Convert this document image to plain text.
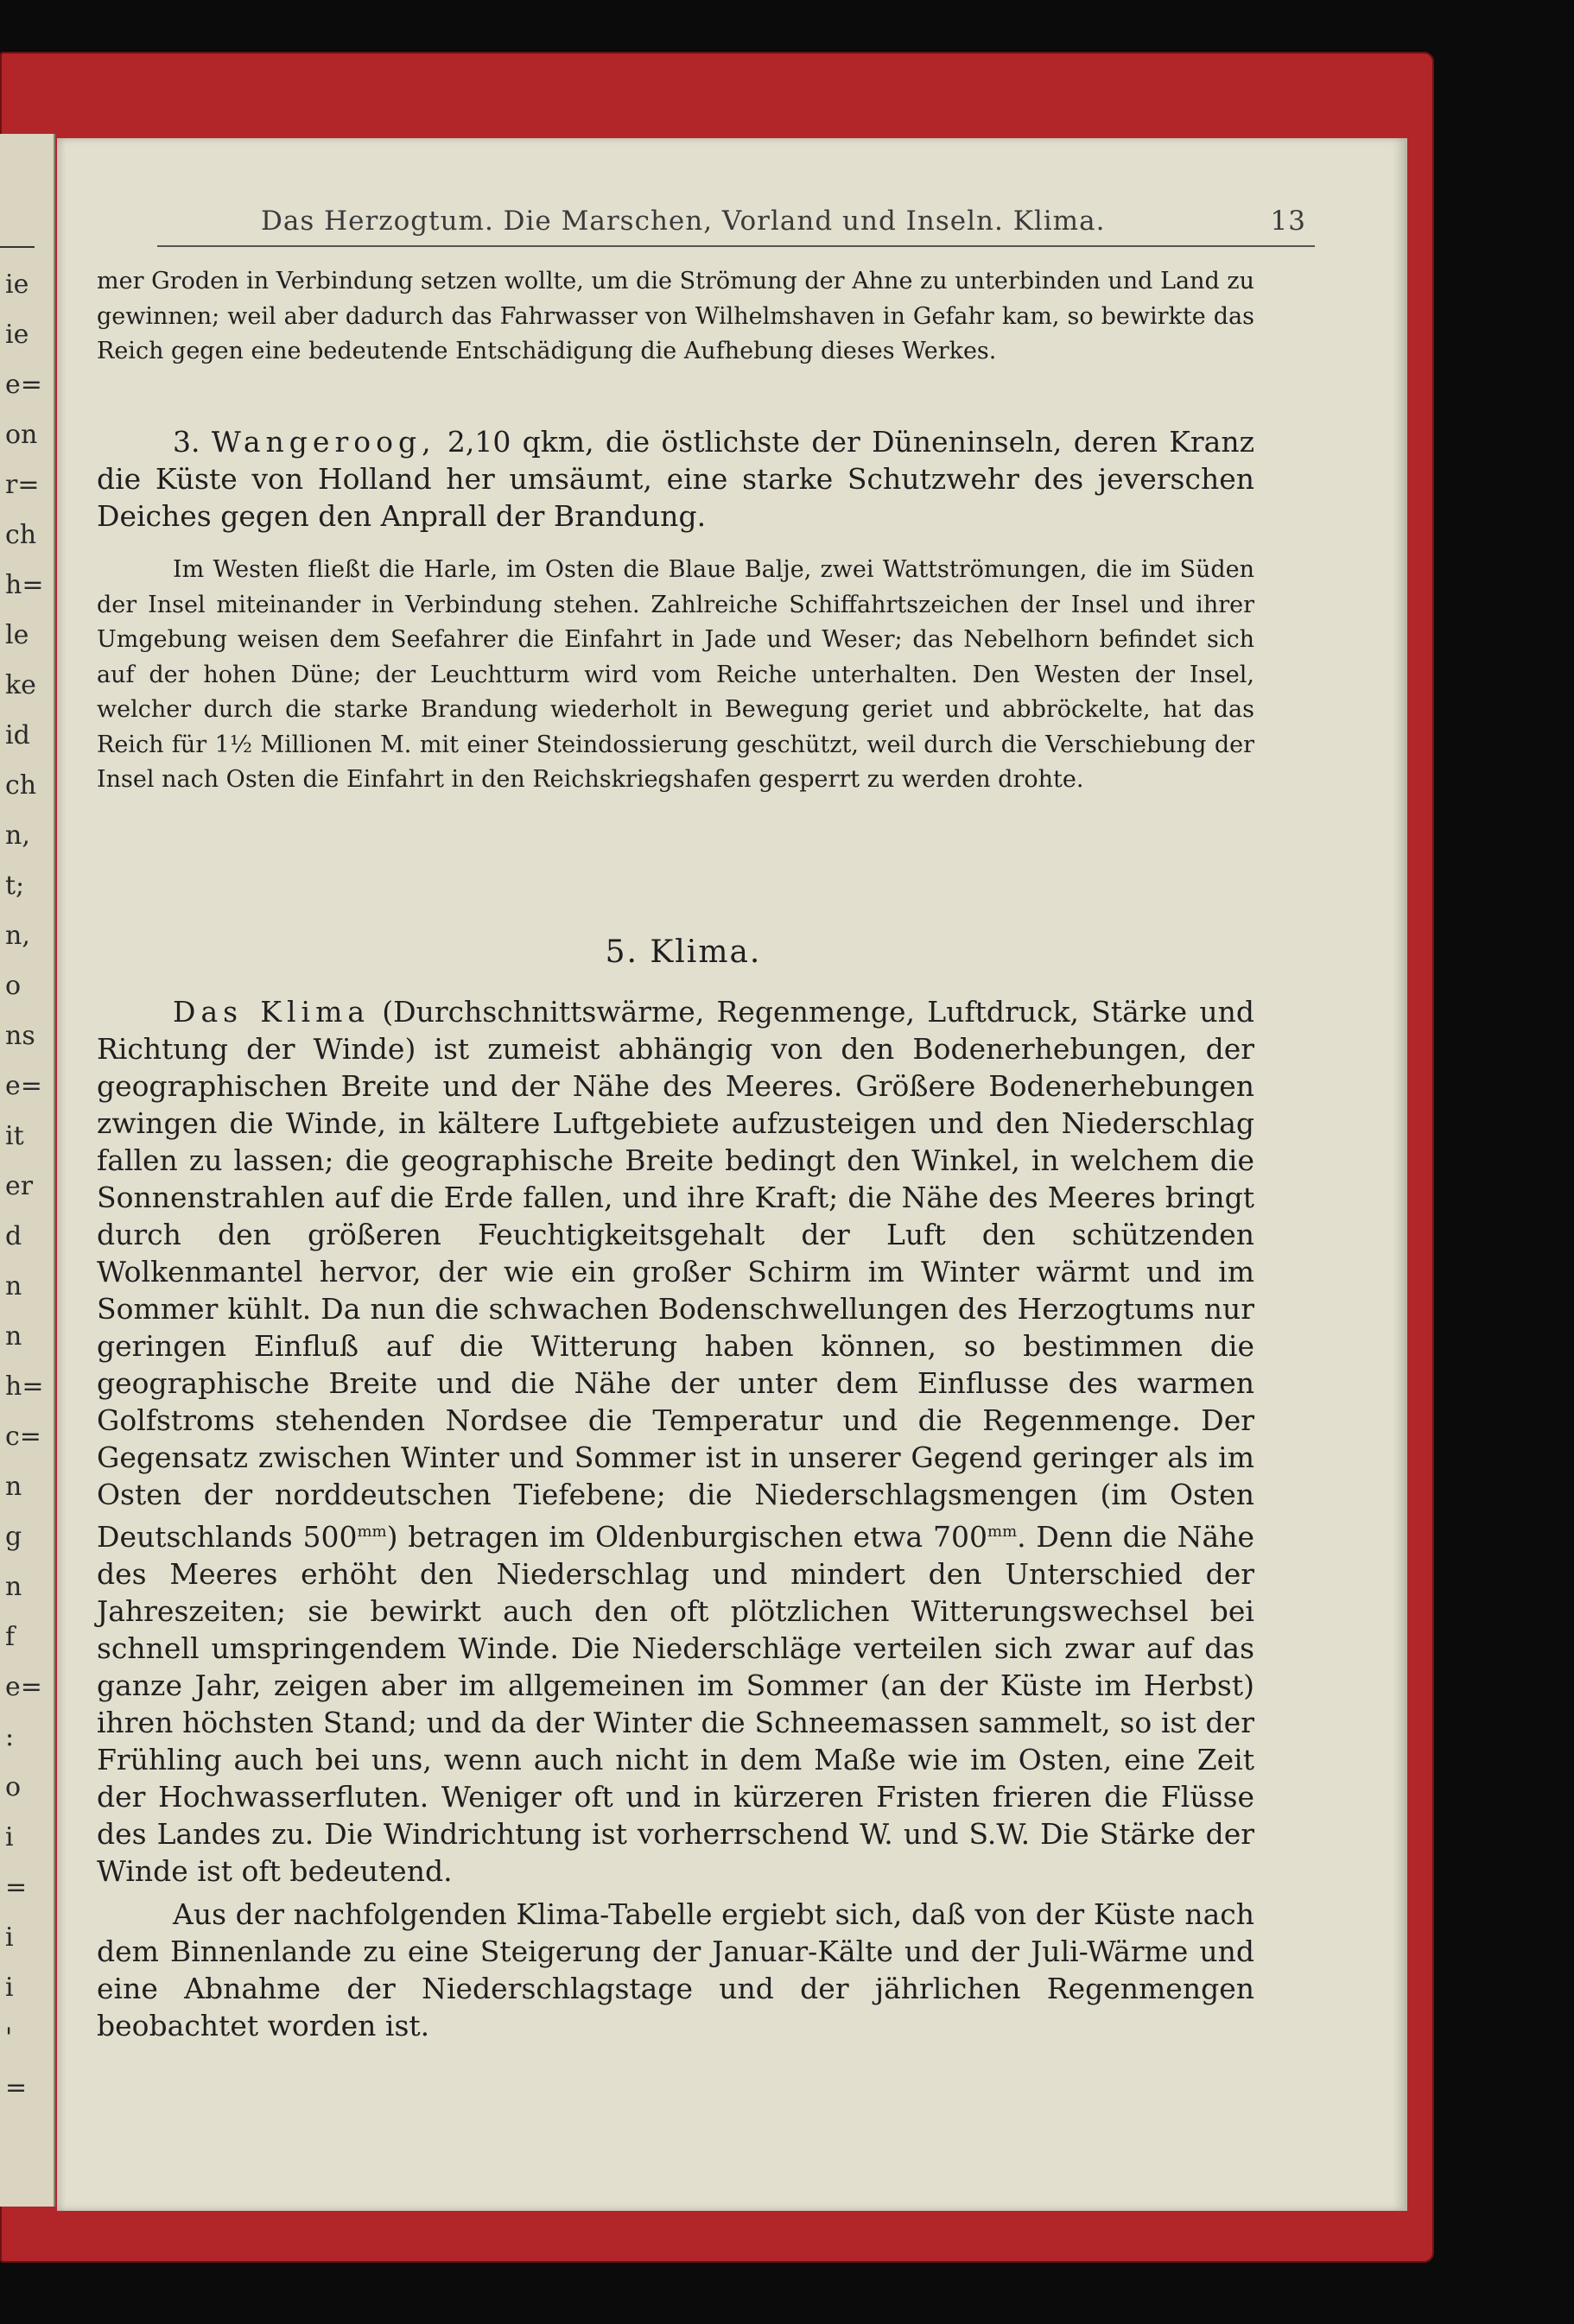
ie
ie
e=
on
r=
ch
h=
le
ke
id
ch
n,
t;
n,
o
ns
e=
it
er
d
n
n
h=
c=
n
g
n
f
e=
:
o
i
=
i
i
'
=
Das Herzogtum. Die Marschen, Vorland und Inseln. Klima.	13
mer Groden in Verbindung setzen wollte, um die Strömung der Ahne zu unterbinden und Land zu gewinnen; weil aber dadurch das Fahrwasser von Wilhelmshaven in Gefahr kam, so bewirkte das Reich gegen eine bedeutende Entschädigung die Aufhebung dieses Werkes.
3. Wangeroog, 2,10 qkm, die östlichste der Düneninseln, deren Kranz die Küste von Holland her umsäumt, eine starke Schutzwehr des jeverschen Deiches gegen den Anprall der Brandung.
Im Westen fließt die Harle, im Osten die Blaue Balje, zwei Wattströmungen, die im Süden der Insel miteinander in Verbindung stehen. Zahlreiche Schiffahrtszeichen der Insel und ihrer Umgebung weisen dem Seefahrer die Einfahrt in Jade und Weser; das Nebelhorn befindet sich auf der hohen Düne; der Leuchtturm wird vom Reiche unterhalten. Den Westen der Insel, welcher durch die starke Brandung wiederholt in Bewegung geriet und abbröckelte, hat das Reich für 1½ Millionen M. mit einer Steindossierung geschützt, weil durch die Verschiebung der Insel nach Osten die Einfahrt in den Reichskriegshafen gesperrt zu werden drohte.
5. Klima.
Das Klima (Durchschnittswärme, Regenmenge, Luftdruck, Stärke und Richtung der Winde) ist zumeist abhängig von den Bodenerhebungen, der geographischen Breite und der Nähe des Meeres. Größere Bodenerhebungen zwingen die Winde, in kältere Luftgebiete aufzusteigen und den Niederschlag fallen zu lassen; die geographische Breite bedingt den Winkel, in welchem die Sonnenstrahlen auf die Erde fallen, und ihre Kraft; die Nähe des Meeres bringt durch den größeren Feuchtigkeitsgehalt der Luft den schützenden Wolkenmantel hervor, der wie ein großer Schirm im Winter wärmt und im Sommer kühlt. Da nun die schwachen Bodenschwellungen des Herzogtums nur geringen Einfluß auf die Witterung haben können, so bestimmen die geographische Breite und die Nähe der unter dem Einflusse des warmen Golfstroms stehenden Nordsee die Temperatur und die Regenmenge. Der Gegensatz zwischen Winter und Sommer ist in unserer Gegend geringer als im Osten der norddeutschen Tiefebene; die Niederschlagsmengen (im Osten Deutschlands $500^{mm}$) betragen im Oldenburgischen etwa $700^{mm}$. Denn die Nähe des Meeres erhöht den Niederschlag und mindert den Unterschied der Jahreszeiten; sie bewirkt auch den oft plötzlichen Witterungswechsel bei schnell umspringendem Winde. Die Niederschläge verteilen sich zwar auf das ganze Jahr, zeigen aber im allgemeinen im Sommer (an der Küste im Herbst) ihren höchsten Stand; und da der Winter die Schneemassen sammelt, so ist der Frühling auch bei uns, wenn auch nicht in dem Maße wie im Osten, eine Zeit der Hochwasserfluten. Weniger oft und in kürzeren Fristen frieren die Flüsse des Landes zu. Die Windrichtung ist vorherrschend W. und S.W. Die Stärke der Winde ist oft bedeutend.
Aus der nachfolgenden Klima-Tabelle ergiebt sich, daß von der Küste nach dem Binnenlande zu eine Steigerung der Januar-Kälte und der Juli-Wärme und eine Abnahme der Niederschlagstage und der jährlichen Regenmengen beobachtet worden ist.
